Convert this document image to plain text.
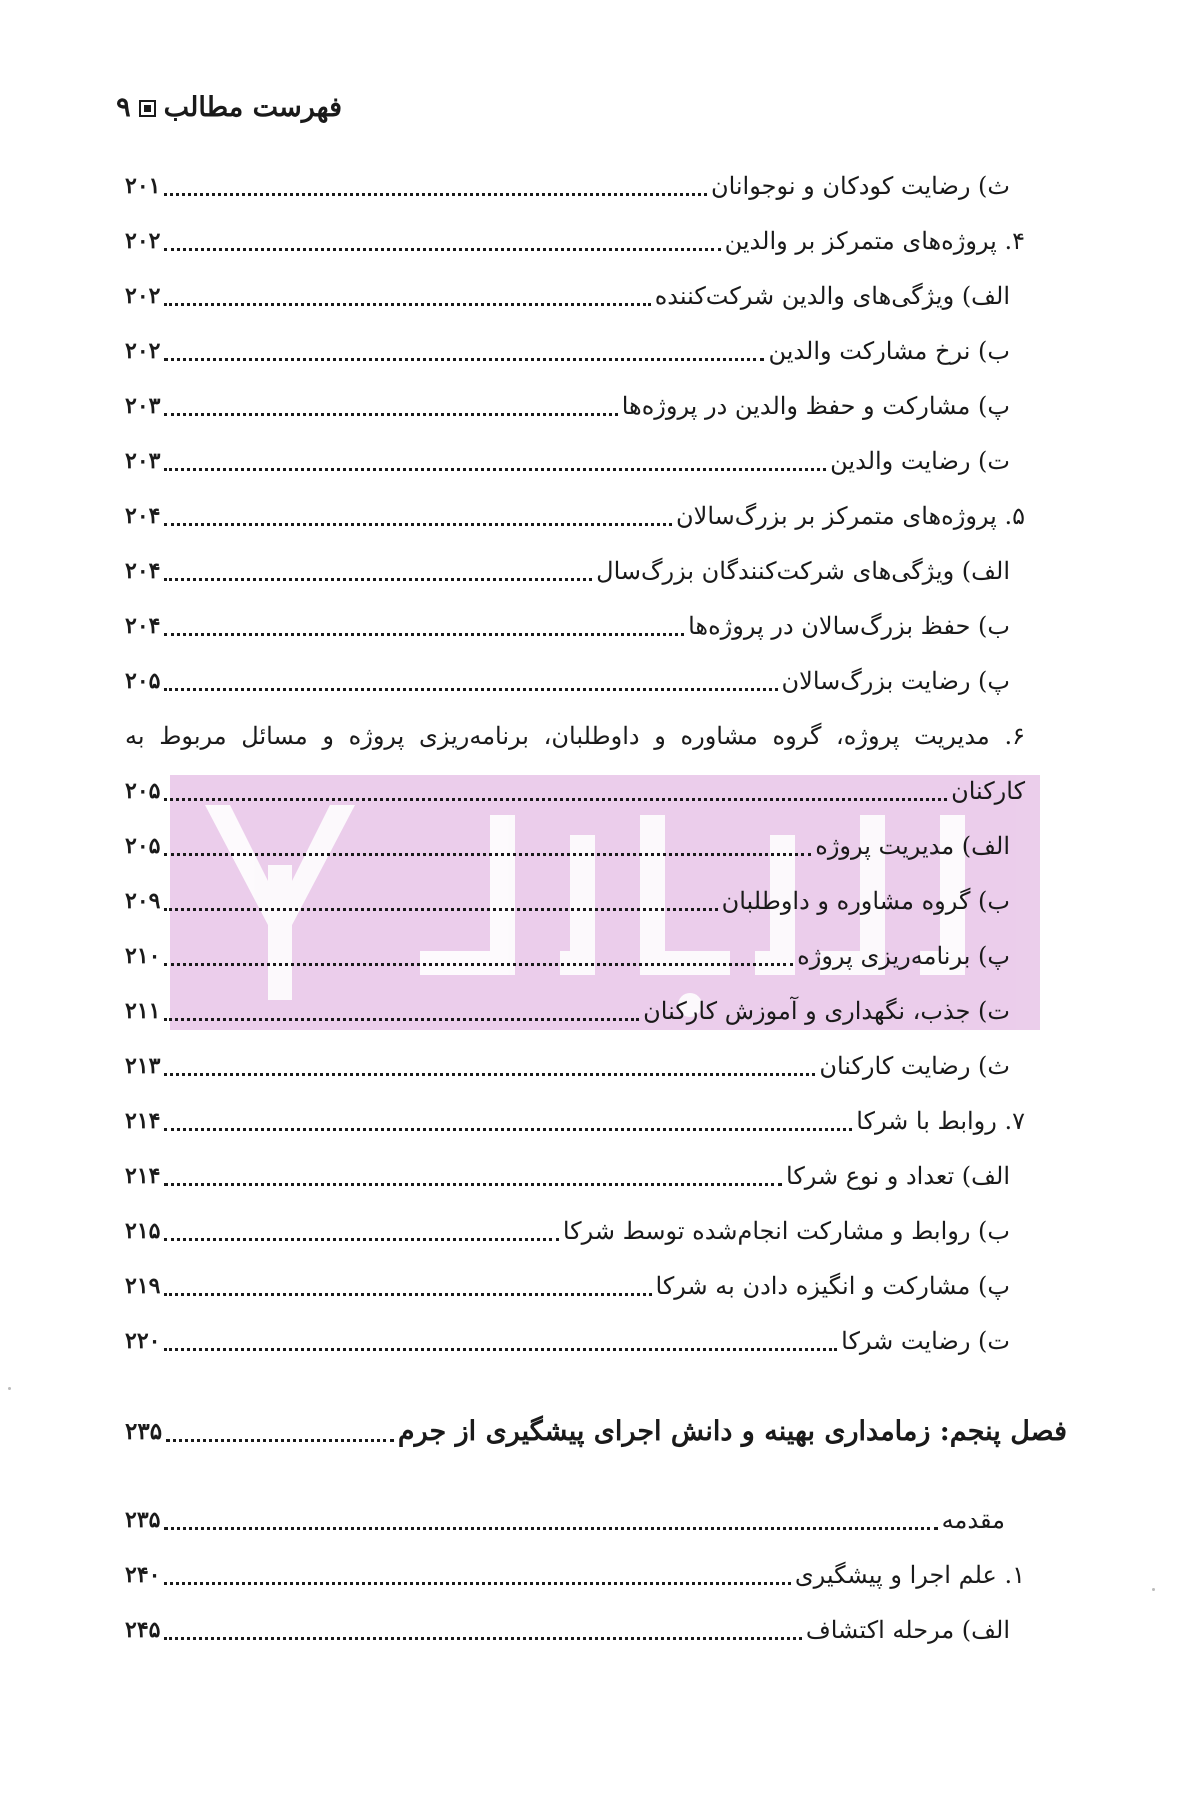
فهرست مطالب۹
ث) رضایت کودکان و نوجوانان
۲۰۱
۴. پروژه‌های متمرکز بر والدین
۲۰۲
الف) ویژگی‌های والدین شرکت‌کننده
۲۰۲
ب) نرخ مشارکت والدین
۲۰۲
پ) مشارکت و حفظ والدین در پروژه‌ها
۲۰۳
ت) رضایت والدین
۲۰۳
۵. پروژه‌های متمرکز بر بزرگ‌سالان
۲۰۴
الف) ویژگی‌های شرکت‌کنندگان بزرگ‌سال
۲۰۴
ب) حفظ بزرگ‌سالان در پروژه‌ها
۲۰۴
پ) رضایت بزرگ‌سالان
۲۰۵
۶. مدیریت پروژه، گروه مشاوره و داوطلبان، برنامه‌ریزی پروژه و مسائل مربوط به
کارکنان
۲۰۵
الف) مدیریت پروژه
۲۰۵
ب) گروه مشاوره و داوطلبان
۲۰۹
پ) برنامه‌ریزی پروژه
۲۱۰
ت) جذب، نگهداری و آموزش کارکنان
۲۱۱
ث) رضایت کارکنان
۲۱۳
۷. روابط با شرکا
۲۱۴
الف) تعداد و نوع شرکا
۲۱۴
ب) روابط و مشارکت انجام‌شده توسط شرکا
۲۱۵
پ) مشارکت و انگیزه دادن به شرکا
۲۱۹
ت) رضایت شرکا
۲۲۰
فصل پنجم: زمامداری بهینه و دانش اجرای پیشگیری از جرم
۲۳۵
مقدمه
۲۳۵
۱. علم اجرا و پیشگیری
۲۴۰
الف) مرحله اکتشاف
۲۴۵
